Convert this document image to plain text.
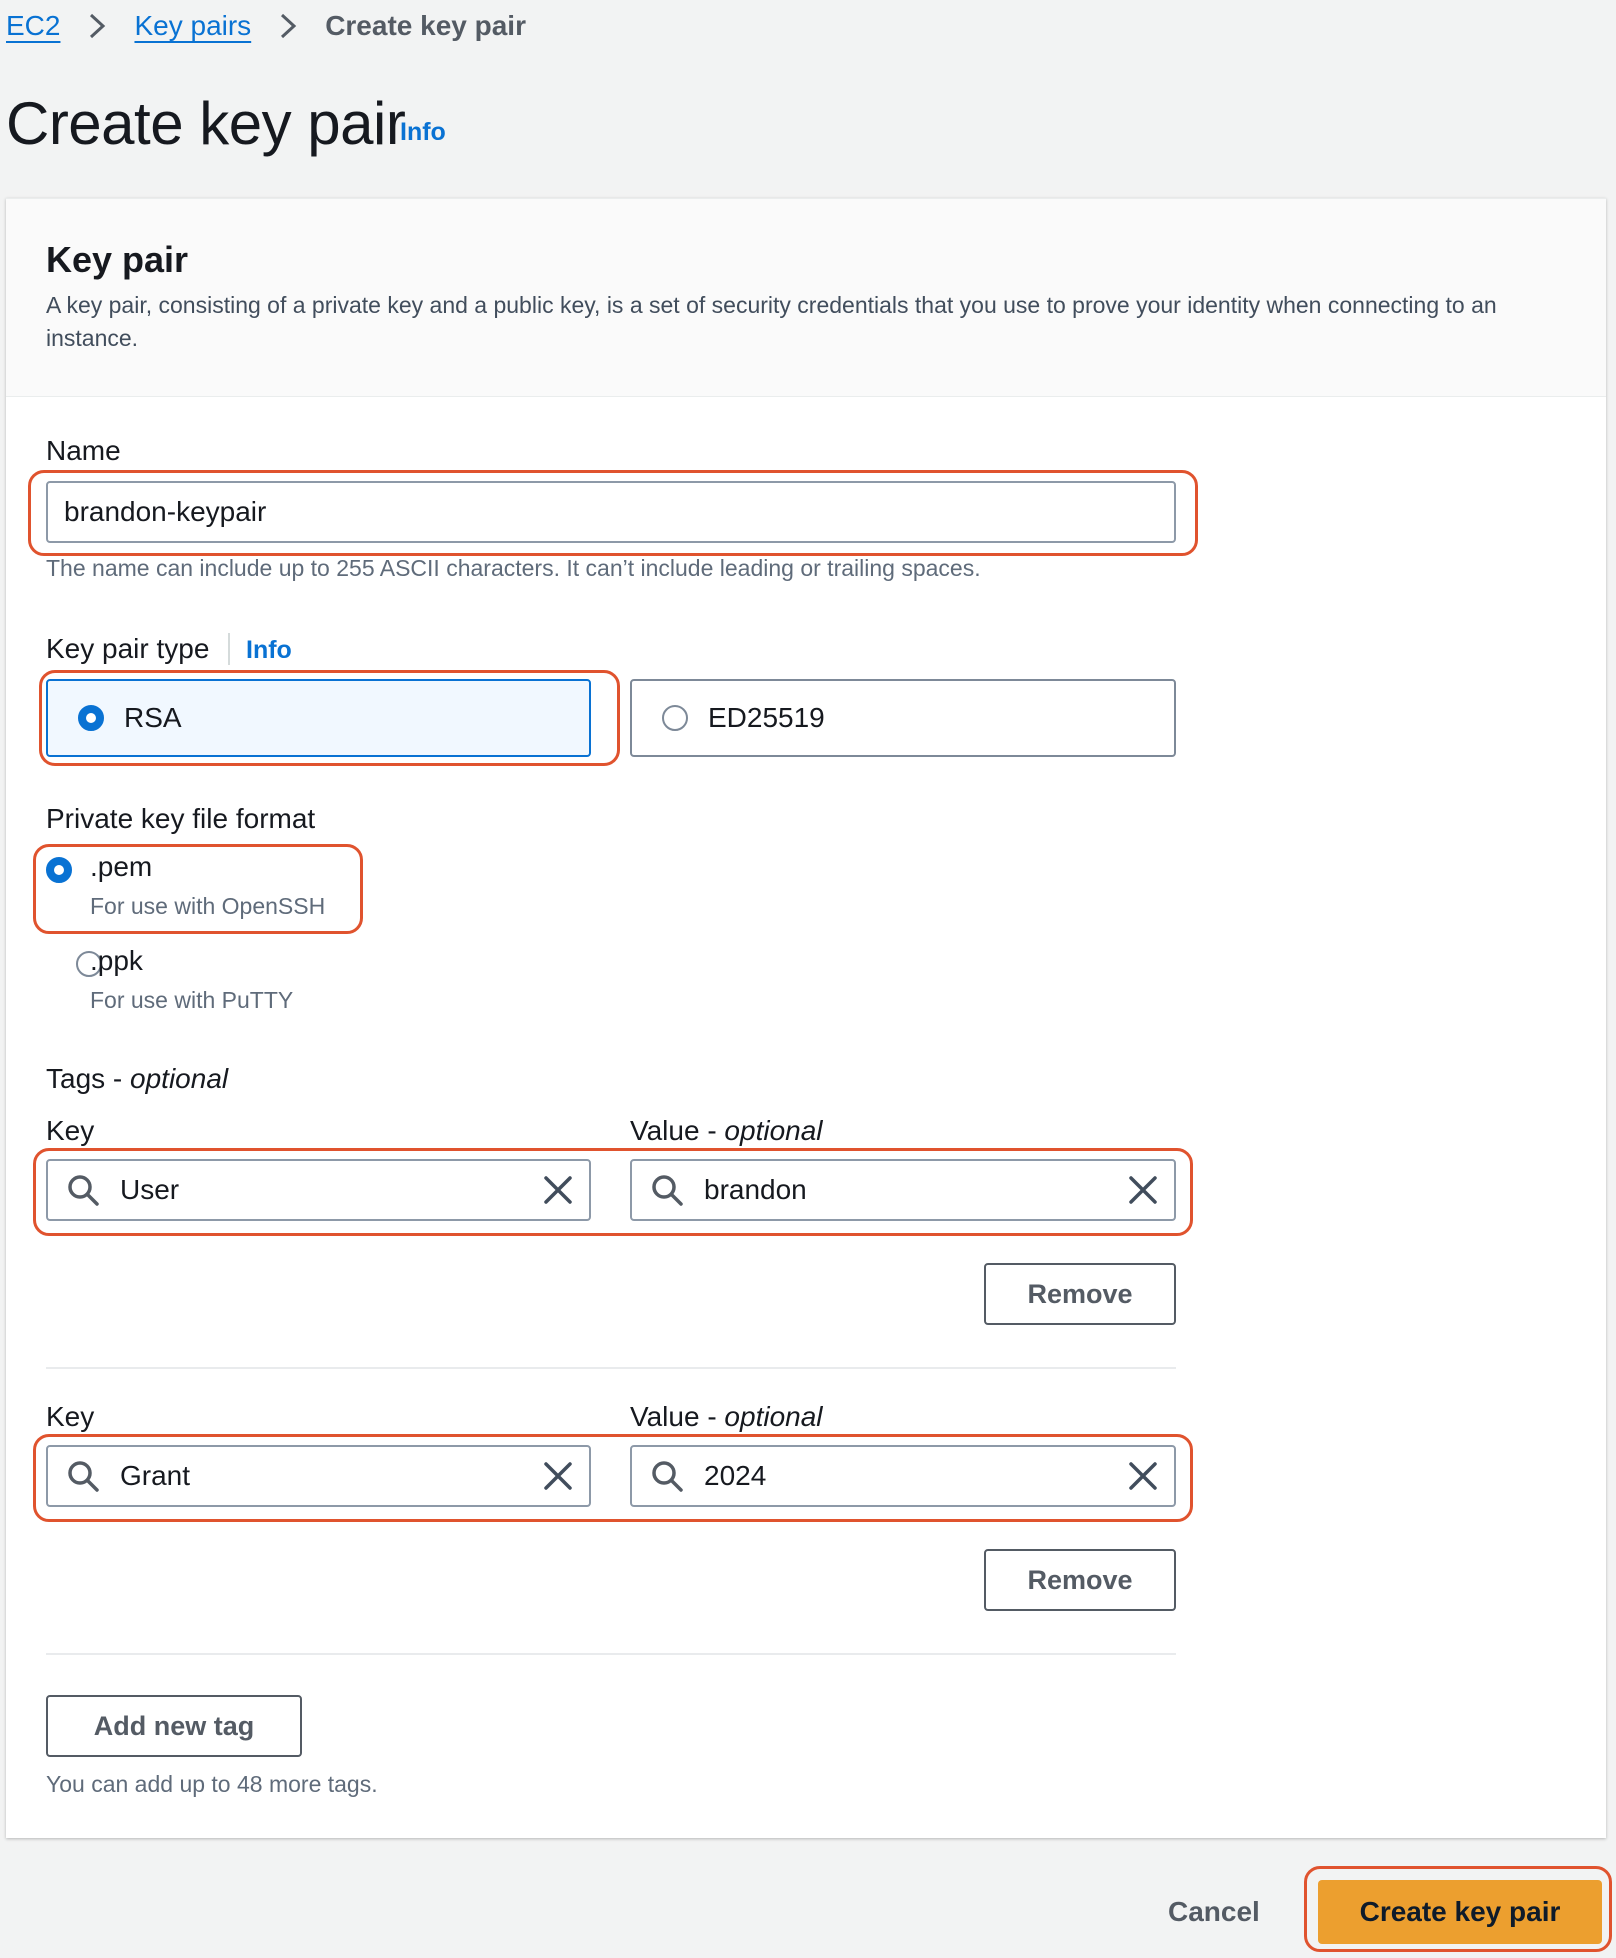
EC2	Key pairs	Create key pair
Create key pair
Info
Key pair
A key pair, consisting of a private key and a public key, is a set of security credentials that you use to prove your identity when connecting to an instance.
Name
brandon-keypair
The name can include up to 255 ASCII characters. It can’t include leading or trailing spaces.
Key pair type Info
RSA	ED25519
Private key file format

.pem
For use with OpenSSH
.ppk
For use with PuTTY
Tags - optional
Key	Value - optional
User	brandon
Remove
Key	Value - optional
Grant	2024
Remove
Add new tag
You can add up to 48 more tags.
Cancel	Create key pair
